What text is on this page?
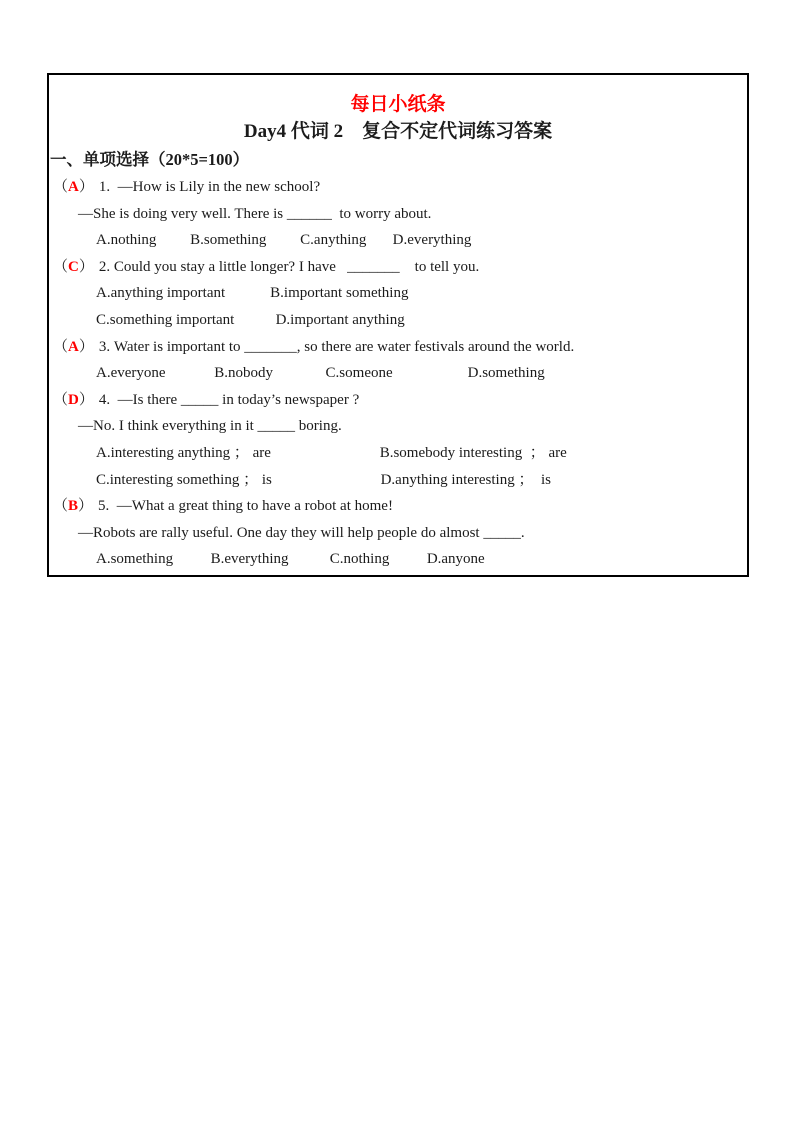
每日小纸条
Day4 代词 2　复合不定代词练习答案
一、单项选择（20*5=100）
（A） 1.  —How is Lily in the new school?
—She is doing very well. There is ______  to worry about.
A.nothing         B.something         C.anything       D.everything
（C） 2. Could you stay a little longer? I have   _______    to tell you.
A.anything important            B.important something
C.something important           D.important anything
（A） 3. Water is important to _______, so there are water festivals around the world.
A.everyone             B.nobody              C.someone                    D.something
（D） 4.  —Is there _____ in today’s newspaper ?
—No. I think everything in it _____ boring.
A.interesting anything ； are                             B.somebody interesting  ； are
C.interesting something ； is                             D.anything interesting ；  is
（B） 5.  —What a great thing to have a robot at home!
—Robots are rally useful. One day they will help people do almost _____.
A.something          B.everything           C.nothing          D.anyone
